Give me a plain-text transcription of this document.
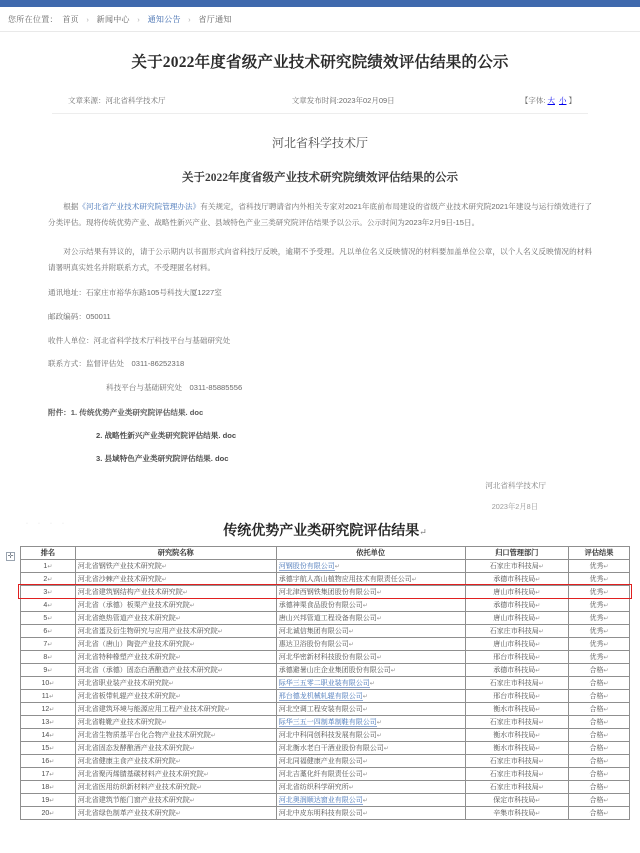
您所在位置： 首页 › 新闻中心 › 通知公告 › 省厅通知
关于2022年度省级产业技术研究院绩效评估结果的公示
文章来源：河北省科学技术厅	文章发布时间:2023年02月09日	【字体: 大 小 】
河北省科学技术厅
关于2022年度省级产业技术研究院绩效评估结果的公示

根据《河北省产业技术研究院管理办法》有关规定，省科技厅聘请省内外相关专家对2021年底前布局建设的省级产业技术研究院2021年建设与运行绩效进行了分类评估。现将传统优势产业、战略性新兴产业、县域特色产业三类研究院评估结果予以公示。公示时间为2023年2月9日-15日。

对公示结果有异议的，请于公示期内以书面形式向省科技厅反映，逾期不予受理。凡以单位名义反映情况的材料要加盖单位公章，以个人名义反映情况的材料请署明真实姓名并附联系方式，不受理匿名材料。

通讯地址：石家庄市裕华东路105号科技大厦1227室
邮政编码：050011
收件人单位：河北省科学技术厅科技平台与基础研究处
联系方式：监督评估处　0311-86252318
科技平台与基础研究处　0311-85885556
附件：1. 传统优势产业类研究院评估结果. doc
2. 战略性新兴产业类研究院评估结果. doc
3. 县域特色产业类研究院评估结果. doc
河北省科学技术厅
2023年2月8日
·　·　·　·	传统优势产业类研究院评估结果↵
✛	排名	研究院名称	依托单位	归口管理部门	评估结果
1↵	河北省钢铁产业技术研究院↵	河钢股份有限公司↵	石家庄市科技局↵	优秀↵
2↵	河北省沙棘产业技术研究院↵	承德宇航人高山植物应用技术有限责任公司↵	承德市科技局↵	优秀↵
3↵	河北省建筑钢结构产业技术研究院↵	河北津西钢铁集团股份有限公司↵	唐山市科技局↵	优秀↵
4↵	河北省（承德）板栗产业技术研究院↵	承德神栗食品股份有限公司↵	承德市科技局↵	优秀↵
5↵	河北省绝热管道产业技术研究院↵	唐山兴邦管道工程设备有限公司↵	唐山市科技局↵	优秀↵
6↵	河北省蛋及衍生物研究与应用产业技术研究院↵	河北诚信集团有限公司↵	石家庄市科技局↵	优秀↵
7↵	河北省（唐山）陶瓷产业技术研究院↵	惠达卫浴股份有限公司↵	唐山市科技局↵	优秀↵
8↵	河北省特种橡塑产业技术研究院↵	河北华密新材科技股份有限公司↵	邢台市科技局↵	优秀↵
9↵	河北省（承德）固态白酒酿造产业技术研究院↵	承德避暑山庄企业集团股份有限公司↵	承德市科技局↵	合格↵
10↵	河北省职业装产业技术研究院↵	际华三五零二职业装有限公司↵	石家庄市科技局↵	合格↵
11↵	河北省板带轧辊产业技术研究院↵	邢台德龙机械轧辊有限公司↵	邢台市科技局↵	合格↵
12↵	河北省建筑环境与能源应用工程产业技术研究院↵	河北空调工程安装有限公司↵	衡水市科技局↵	合格↵
13↵	河北省鞋靴产业技术研究院↵	际华三五一四制革制鞋有限公司↵	石家庄市科技局↵	合格↵
14↵	河北省生物质基平台化合物产业技术研究院↵	河北中科同创科技发展有限公司↵	衡水市科技局↵	合格↵
15↵	河北省固态发酵酿酒产业技术研究院↵	河北衡水老白干酒业股份有限公司↵	衡水市科技局↵	合格↵
16↵	河北省健康主食产业技术研究院↵	河北同福健康产业有限公司↵	石家庄市科技局↵	合格↵
17↵	河北省聚丙烯腈基碳材料产业技术研究院↵	河北吉藁化纤有限责任公司↵	石家庄市科技局↵	合格↵
18↵	河北省医用纺织新材料产业技术研究院↵	河北省纺织科学研究所↵	石家庄市科技局↵	合格↵
19↵	河北省建筑节能门窗产业技术研究院↵	河北奥润顺达窗业有限公司↵	保定市科技局↵	合格↵
20↵	河北省绿色制革产业技术研究院↵	河北中皮东明科技有限公司↵	辛集市科技局↵	合格↵
